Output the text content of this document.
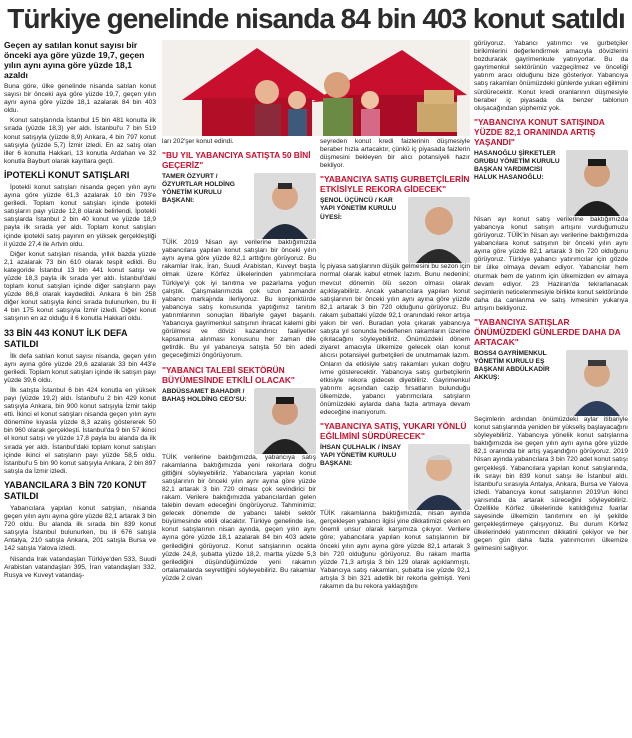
Türkiye genelinde nisanda 84 bin 403 konut satıldı
Geçen ay satılan konut sayısı bir önceki aya göre yüzde 19,7, geçen yılın aynı ayına göre yüzde 18,1 azaldı

Buna göre, ülke genelinde nisanda satılan konut sayısı bir önceki aya göre yüzde 19,7, geçen yılın aynı ayına göre yüzde 18,1 azalarak 84 bin 403 oldu.

Konut satışlarında İstanbul 15 bin 481 konutla ilk sırada (yüzde 18,3) yer aldı. İstanbul'u 7 bin 519 konut satışıyla (yüzde 8,9) Ankara, 4 bin 797 konut satışıyla (yüzde 5,7) İzmir izledi. En az satış olan iller 6 konutla Hakkari, 13 konutla Ardahan ve 32 konutla Bayburt olarak kayıtlara geçti.

İPOTEKLİ KONUT SATIŞLARI

İpotekli konut satışları nisanda geçen yılın aynı ayına göre yüzde 61,3 azalarak 10 bin 793'e geriledi. Toplam konut satışları içinde ipotekli satışların payı yüzde 12,8 olarak belirlendi. İpotekli satışlarda İstanbul 2 bin 40 konut ve yüzde 18,9 payla ilk sırada yer aldı. Toplam konut satışları içinde ipotekli satış payının en yüksek gerçekleştiği il yüzde 27,4 ile Artvin oldu.

Diğer konut satışları nisanda, yıllık bazda yüzde 2,1 azalarak 73 bin 610 olarak tespit edildi. Bu kategoride İstanbul 13 bin 441 konut satışı ve yüzde 18,3 payla ilk sırada yer aldı. İstanbul'daki toplam konut satışları içinde diğer satışların payı yüzde 86,8 olarak kaydedildi. Ankara 6 bin 258 diğer konut satışıyla ikinci sırada bulunurken, bu ili 4 bin 175 konut satışıyla İzmir izledi. Diğer konut satışının en az olduğu il 6 konutla Hakkari oldu.

33 BİN 443 KONUT İLK DEFA SATILDI

İlk defa satılan konut sayısı nisanda, geçen yılın aynı ayına göre yüzde 29,6 azalarak 33 bin 443'e geriledi. Toplam konut satışları içinde ilk satışın payı yüzde 39,6 oldu.

İlk satışta İstanbul 6 bin 424 konutla en yüksek payı (yüzde 19,2) aldı. İstanbul'u 2 bin 429 konut satışıyla Ankara, bin 900 konut satışıyla İzmir takip etti. İkinci el konut satışları nisanda geçen yılın aynı dönemine kıyasla yüzde 8,3 azalış göstererek 50 bin 960 olarak gerçekleşti. İstanbul'da 9 bin 57 ikinci el konut satışı ve yüzde 17,8 payla bu alanda da ilk sırada yer aldı. İstanbul'daki toplam konut satışları içinde ikinci el satışların payı yüzde 58,5 oldu. İstanbul'u 5 bin 90 konut satışıyla Ankara, 2 bin 897 satışla da İzmir izledi.

YABANCILARA 3 BİN 720 KONUT SATILDI

Yabancılara yapılan konut satışları, nisanda geçen yılın aynı ayına göre yüzde 82,1 artarak 3 bin 720 oldu. Bu alanda ilk sırada bin 839 konut satışıyla İstanbul bulunurken, bu ili 676 satışla Antalya, 210 satışla Ankara, 201 satışla Bursa ve 142 satışla Yalova izledi.

Nisanda Irak vatandaşları Türkiye'den 533, Suudi Arabistan vatandaşları 395, İran vatandaşları 332, Rusya ve Kuveyt vatandaş-

ları 202'şer konut edindi.

"BU YIL YABANCIYA SATIŞTA 50 BİNİ GEÇERİZ"
TAMER ÖZYURT / ÖZYURTLAR HOLDİNG YÖNETİM KURULU BAŞKANI:

TÜİK 2019 Nisan ayı verilerine baktığımızda yabancılara yapılan konut satışları bir önceki yılın aynı ayına göre yüzde 82,1 arttığını görüyoruz. Bu rakamlar Irak, İran, Suudi Arabistan, Kuveyt başta olmak üzere Körfez ülkelerinden yatırımcılara Türkiye'yi çok iyi tanıtma ve pazarlama yoğun çalıştık. Çalışmalarımızda çok uzun zamandır yabancı markajında ilerliyoruz. Bu konjonktürde yabancıya satış konusunda yaptığımız tanıtım yatırımlarının sonuçları itibariyle gayet başarılı. Yabancıya gayrimenkul satışının ihracat kalemi gibi görülmesi ve dövizi kazandırıcı faaliyetler kapsamına alınması konusunu her zaman dile getirdik. Bu yıl yabancıya satışta 50 bin adedi geçeceğimizi öngörüyorum.

"YABANCI TALEBİ SEKTÖRÜN BÜYÜMESİNDE ETKİLİ OLACAK"
ABDÜSSAMET BAHADIR / BAHAŞ HOLDİNG CEO'SU:

TÜİK verilerine baktığımızda, yabancıya satış rakamlarına baktığımızda yeni rekorlara doğru gittiğini söyleyebiliriz. Yabancılara yapılan konut satışlarının bir önceki yılın aynı ayına göre yüzde 82,1 artarak 3 bin 720 olması çok sevindirici bir rakam. Verilere baktığımızda yabancılardan gelen talebin devam edeceğini öngörüyoruz. Tahminimiz; gelecek dönemde de yabancı talebi sektör büyümesinde etkili olacaktır. Türkiye genelinde ise, konut satışlarının nisan ayında, geçen yılın aynı ayına göre yüzde 18,1 azalarak 84 bin 403 adete gerilediğini görüyoruz. Konut satışlarının ocakta yüzde 24,8, şubatta yüzde 18,2, martta yüzde 5,3 gerilediğini düşündüğümüzde yeni rakamın ortalamalarda seyrettiğini söyleyebiliriz. Bu rakamlar yüzde 2 civarı

seyreden konut kredi faizlerinin düşmesiyle beraber hızla artacaktır, çünkü iç piyasada faizlerin düşmesini bekleyen bir alıcı potansiyeli hazır bekliyor.

"YABANCIYA SATIŞ GURBETÇİLERİN ETKİSİYLE REKORA GİDECEK"
ŞENOL ÜÇÜNCÜ / KAR YAPI YÖNETİM KURULU ÜYESİ:

İç piyasa satışlarının düşük gelmesini bu sezon için normal olarak kabul etmek lazım. Bunu nedenini; mevcut dönemin ölü sezon olması olarak açıklayabiliriz. Ancak yabancılara yapılan konut satışlarının bir önceki yılın aynı ayına göre yüzde 82,1 artarak 3 bin 720 olduğunu görüyoruz. Bu rakam şubattaki yüzde 92,1 oranındaki rekor artışa yakın bir veri. Buradan yola çıkarak yabancıya satışta yıl sonunda hedeflenen rakamların üzerine çıkılacağını söyleyebiliriz. Önümüzdeki dönem ziyaret amacıyla ülkemize gelecek olan konut alıcısı potansiyel gurbetçileri de unutmamak lazım. Onların da etkisiyle satış rakamları yukarı doğru ivme gösterecektir. Yabancıya satış gurbetçilerin etkisiyle rekora gidecek diyebiliriz. Gayrimenkul yatırımı açısından cazip fırsatların bulunduğu ülkemizde, yabancı yatırımcılara satışların önümüzdeki aylarda daha fazla artmaya devam edeceğine inanıyorum.

"YABANCIYA SATIŞ, YUKARI YÖNLÜ EĞİLİMİNİ SÜRDÜRECEK"
İHSAN ÇULHALIK / İNSAY YAPI YÖNETİM KURULU BAŞKANI:

TÜİK rakamlarına baktığımızda, nisan ayında gerçekleşen yabancı ilgisi yine dikkatimizi çeken en önemli unsur olarak karşımıza çıkıyor. Verilere göre; yabancılara yapılan konut satışlarının bir önceki yılın aynı ayına göre yüzde 82,1 artarak 3 bin 720 olduğunu görüyoruz. Bu rakam martta yüzde 71,3 artışla 3 bin 129 olarak açıklanmıştı. Yabancıya satış rakamları, şubatta ise yüzde 92,1 artışla 3 bin 321 adetlik bir rekorla gelmişti. Yeni rakamın da bu rekora yaklaştığını

görüyoruz. Yabancı yatırımcı ve gurbetçiler birikimlerini değerlendirmek amacıyla dövizlerini bozdurarak gayrimenkule yatırıyorlar. Bu da gayrimenkul sektörünün vazgeçilmez ve önceliği yatırım aracı olduğunu bize gösteriyor. Yabancıya satış rakamları önümüzdeki günlerde yukarı eğilimini sürdürecektir. Konut kredi oranlarının düşmesiyle beraber iç piyasada da benzer tablonun oluşacağından şüphemiz yok.

"YABANCIYA KONUT SATIŞINDA YÜZDE 82,1 ORANINDA ARTIŞ YAŞANDI"
HASANOĞLU ŞİRKETLER GRUBU YÖNETİM KURULU BAŞKAN YARDIMCISI HALUK HASANOĞLU:

Nisan ayı konut satış verilerine baktığımızda yabancıya konut satışın artışını vurduğumuzu görüyoruz. TÜİK'in Nisan ayı verilerine baktığımızda yabancılara konut satışının bir önceki yılın aynı ayına göre yüzde 82,1 artarak 3 bin 720 olduğunu görüyoruz. Türkiye yabancı yatırımcılar için gözde bir ülke olmaya devam ediyor. Yabancılar hem oturmak hem de yatırım için ülkemizden ev almaya devam ediyor. 23 Haziran'da tekrarlanacak seçimlerin neticelenmesiyle birlikte konut sektöründe daha da canlanma ve satış ivmesinin yukarıya artışını bekliyoruz.

"YABANCIYA SATIŞLAR ÖNÜMÜZDEKİ GÜNLERDE DAHA DA ARTACAK"
BOSS4 GAYRİMENKUL YÖNETİM KURULU EŞ BAŞKANI ABDÜLKADİR AKKUŞ:

Seçimlerin ardından önümüzdeki aylar itibariyle konut satışlarında yeniden bir yükseliş başlayacağını söyleyebiliriz. Yabancıya yönelik konut satışlarına baktığımızda ise geçen yılın aynı ayına göre yüzde 82,1 oranında bir artış yaşandığını görüyoruz. 2019 Nisan ayında yabancılara 3 bin 720 adet konut satışı gerçekleşti. Yabancılara yapılan konut satışlarında, ilk sırayı bin 839 konut satışı ile İstanbul aldı. İstanbul'u sırasıyla Antalya, Ankara, Bursa ve Yalova izledi. Yabancıya konut satışlarının 2019'un ikinci yarısında da artarak süreceğini söyleyebiliriz. Özellikle Körfez ülkelerinde katıldığımız fuarlar sayesinde ülkemizin tanıtımını en iyi şekilde gerçekleştirmeye çalışıyoruz. Bu durum Körfez ülkelerindeki yatırımcının dikkatini çekiyor ve her geçen gün daha fazla yatırımcının ülkemize gelmesini sağlıyor.
